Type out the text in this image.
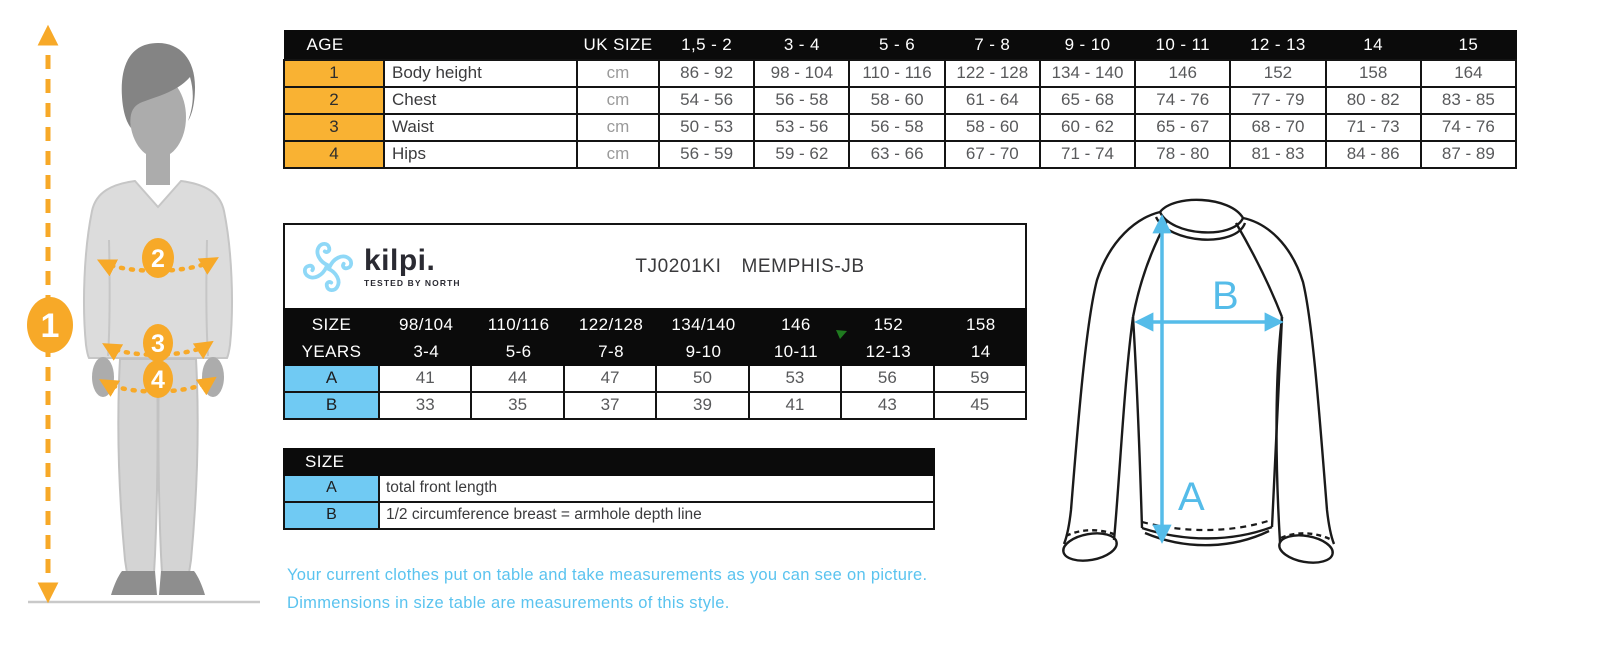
1
2
3
4
AGE		UK SIZE	1,5 - 2	3 - 4	5 - 6	7 - 8	9 - 10	10 - 11	12 - 13	14	15
1	Body height	cm	86 - 92	98 - 104	110 - 116	122 - 128	134 - 140	146	152	158	164
2	Chest	cm	54 - 56	56 - 58	58 - 60	61 - 64	65 - 68	74 - 76	77 - 79	80 - 82	83 - 85
3	Waist	cm	50 - 53	53 - 56	56 - 58	58 - 60	60 - 62	65 - 67	68 - 70	71 - 73	74 - 76
4	Hips	cm	56 - 59	59 - 62	63 - 66	67 - 70	71 - 74	78 - 80	81 - 83	84 - 86	87 - 89
kilpi.
TESTED BY NORTH
TJ0201KI MEMPHIS-JB
SIZE	98/104	110/116	122/128	134/140	146	152	158
YEARS	3-4	5-6	7-8	9-10	10-11	12-13	14
A	41	44	47	50	53	56	59
B	33	35	37	39	41	43	45
SIZE
A	total front length
B	1/2 circumference breast = armhole depth line
Your current clothes put on table and take measurements as you can see on picture.
Dimmensions in size table are measurements of this style.
B
A
